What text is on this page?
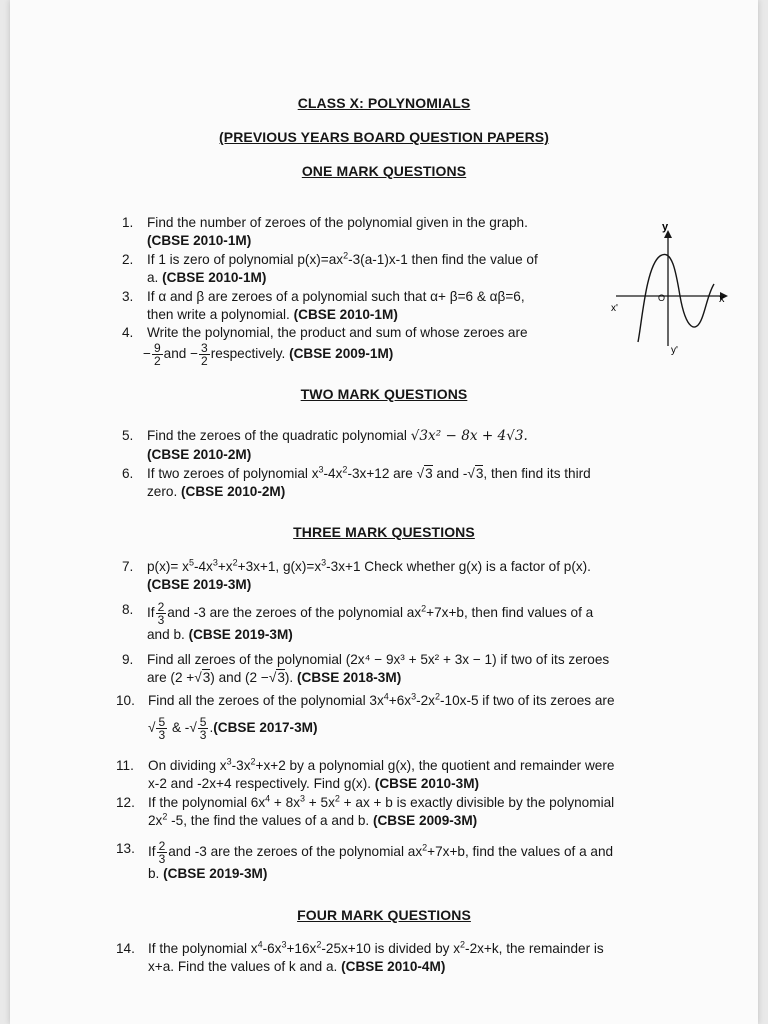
CLASS X: POLYNOMIALS
(PREVIOUS YEARS BOARD QUESTION PAPERS)
ONE MARK QUESTIONS
y
y'
x
x'
O
1. Find the number of zeroes of the polynomial given in the graph.
(CBSE 2010-1M)
2. If 1 is zero of polynomial $p(x)=ax^2-3(a-1)x-1$ then find the value of
a. (CBSE 2010-1M)
3. If α and β are zeroes of a polynomial such that α+ β=6 & αβ=6,
then write a polynomial. (CBSE 2010-1M)
4. Write the polynomial, the product and sum of whose zeroes are
− $\frac{9}{2}$ and − $\frac{3}{2}$ respectively. (CBSE 2009-1M)
TWO MARK QUESTIONS
5. Find the zeroes of the quadratic polynomial √3x² − 8x + 4√3.
(CBSE 2010-2M)
6. If two zeroes of polynomial $x^3-4x^2-3x+12$ are √3 and -√3, then find its third
zero. (CBSE 2010-2M)
THREE MARK QUESTIONS
7. $p(x)= x^5-4x^3+x^2+3x+1$, $g(x)=x^3-3x+1$ Check whether g(x) is a factor of p(x).
(CBSE 2019-3M)
8. If $\frac{2}{3}$ and -3 are the zeroes of the polynomial $ax^2+7x+b$, then find values of a
and b. (CBSE 2019-3M)
9. Find all zeroes of the polynomial (2x⁴ − 9x³ + 5x² + 3x − 1) if two of its zeroes
are (2 +√3) and (2 −√3). (CBSE 2018-3M)
10. Find all the zeroes of the polynomial $3x^4+6x^3-2x^2-10x-5$ if two of its zeroes are
√ $\frac{5}{3}$ & -√ $\frac{5}{3}$ .(CBSE 2017-3M)
11. On dividing $x^3-3x^2+x+2$ by a polynomial g(x), the quotient and remainder were
x-2 and -2x+4 respectively. Find g(x). (CBSE 2010-3M)
12. If the polynomial $6x^4 + 8x^3 + 5x^2$ + ax + b is exactly divisible by the polynomial
$2x^2$ -5, the find the values of a and b. (CBSE 2009-3M)
13. If $\frac{2}{3}$ and -3 are the zeroes of the polynomial $ax^2+7x+b$, find the values of a and
b. (CBSE 2019-3M)
FOUR MARK QUESTIONS
14. If the polynomial $x^4-6x^3+16x^2-25x+10$ is divided by $x^2-2x+k$, the remainder is
x+a. Find the values of k and a. (CBSE 2010-4M)
